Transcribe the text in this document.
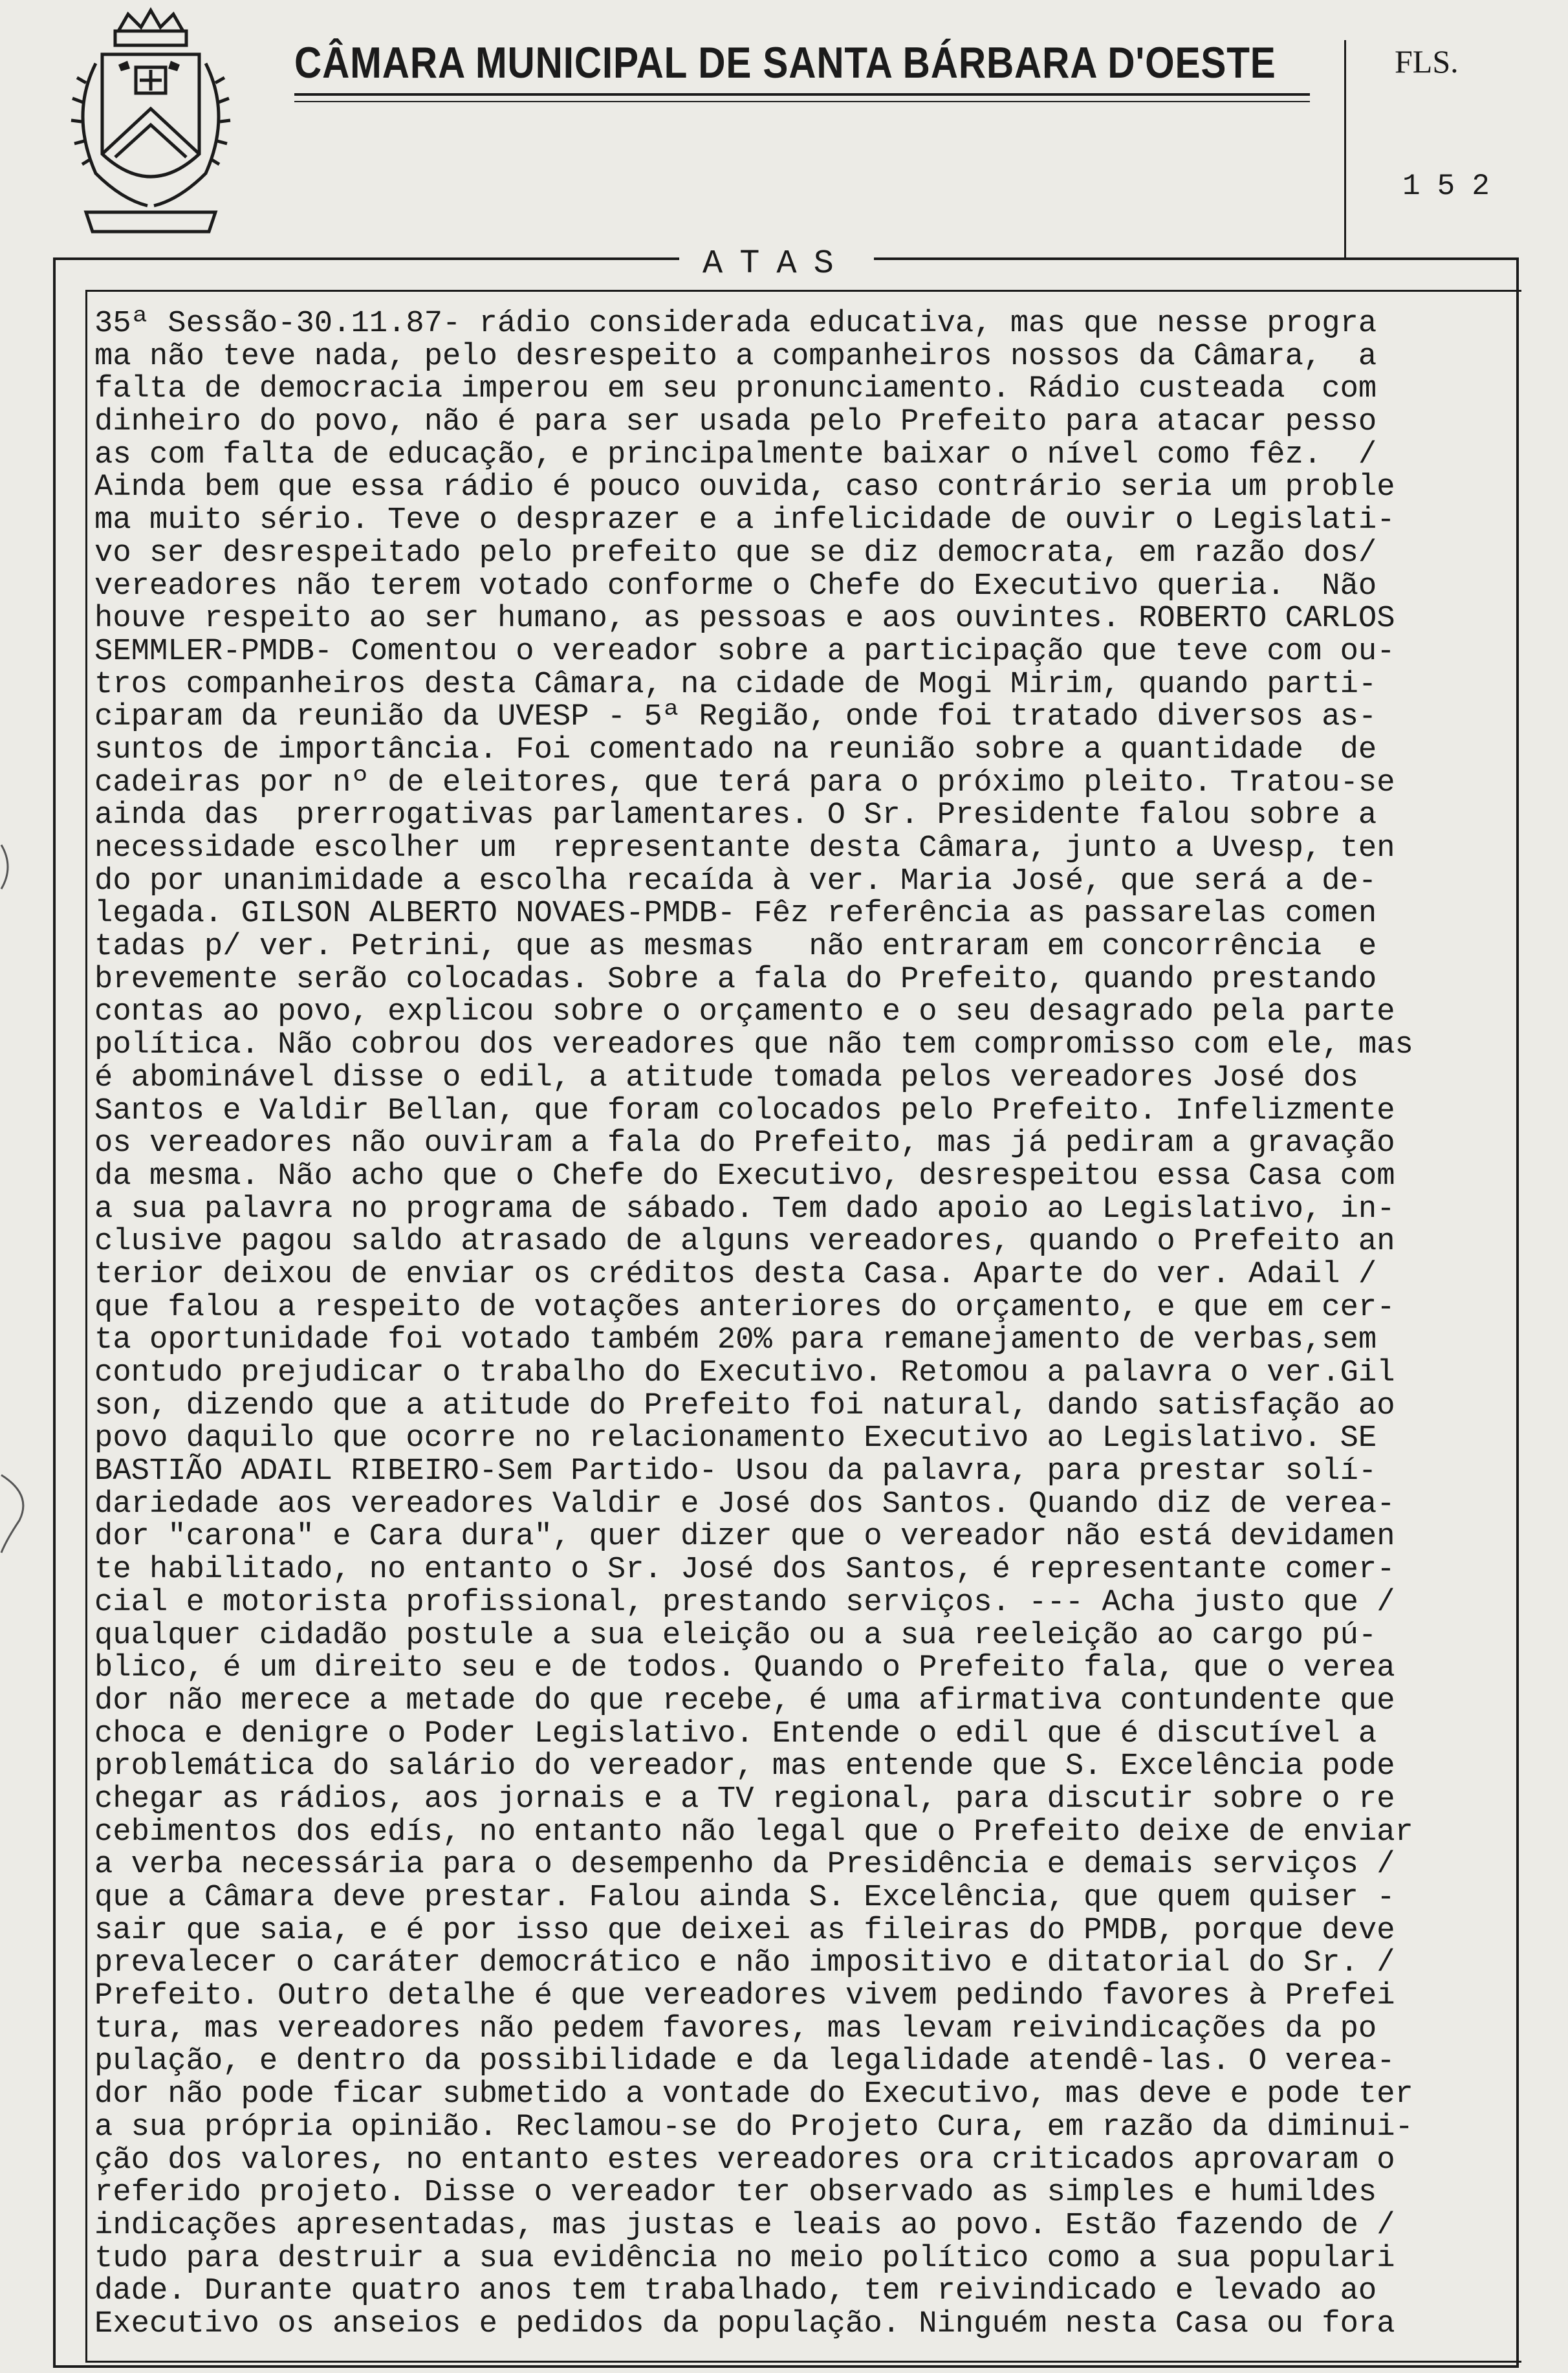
CÂMARA MUNICIPAL DE SANTA BÁRBARA D'OESTE	FLS.
152
ATAS
35ª Sessão-30.11.87- rádio considerada educativa, mas que nesse progra
ma não teve nada, pelo desrespeito a companheiros nossos da Câmara,  a
falta de democracia imperou em seu pronunciamento. Rádio custeada  com
dinheiro do povo, não é para ser usada pelo Prefeito para atacar pesso
as com falta de educação, e principalmente baixar o nível como fêz.  /
Ainda bem que essa rádio é pouco ouvida, caso contrário seria um proble
ma muito sério. Teve o desprazer e a infelicidade de ouvir o Legislati-
vo ser desrespeitado pelo prefeito que se diz democrata, em razão dos/
vereadores não terem votado conforme o Chefe do Executivo queria.  Não
houve respeito ao ser humano, as pessoas e aos ouvintes. ROBERTO CARLOS
SEMMLER-PMDB- Comentou o vereador sobre a participação que teve com ou-
tros companheiros desta Câmara, na cidade de Mogi Mirim, quando parti-
ciparam da reunião da UVESP - 5ª Região, onde foi tratado diversos as-
suntos de importância. Foi comentado na reunião sobre a quantidade  de
cadeiras por nº de eleitores, que terá para o próximo pleito. Tratou-se
ainda das  prerrogativas parlamentares. O Sr. Presidente falou sobre a
necessidade escolher um  representante desta Câmara, junto a Uvesp, ten
do por unanimidade a escolha recaída à ver. Maria José, que será a de-
legada. GILSON ALBERTO NOVAES-PMDB- Fêz referência as passarelas comen
tadas p/ ver. Petrini, que as mesmas   não entraram em concorrência  e
brevemente serão colocadas. Sobre a fala do Prefeito, quando prestando
contas ao povo, explicou sobre o orçamento e o seu desagrado pela parte
política. Não cobrou dos vereadores que não tem compromisso com ele, mas
é abominável disse o edil, a atitude tomada pelos vereadores José dos
Santos e Valdir Bellan, que foram colocados pelo Prefeito. Infelizmente
os vereadores não ouviram a fala do Prefeito, mas já pediram a gravação
da mesma. Não acho que o Chefe do Executivo, desrespeitou essa Casa com
a sua palavra no programa de sábado. Tem dado apoio ao Legislativo, in-
clusive pagou saldo atrasado de alguns vereadores, quando o Prefeito an
terior deixou de enviar os créditos desta Casa. Aparte do ver. Adail /
que falou a respeito de votações anteriores do orçamento, e que em cer-
ta oportunidade foi votado também 20% para remanejamento de verbas,sem
contudo prejudicar o trabalho do Executivo. Retomou a palavra o ver.Gil
son, dizendo que a atitude do Prefeito foi natural, dando satisfação ao
povo daquilo que ocorre no relacionamento Executivo ao Legislativo. SE
BASTIÃO ADAIL RIBEIRO-Sem Partido- Usou da palavra, para prestar solí-
dariedade aos vereadores Valdir e José dos Santos. Quando diz de verea-
dor "carona" e Cara dura", quer dizer que o vereador não está devidamen
te habilitado, no entanto o Sr. José dos Santos, é representante comer-
cial e motorista profissional, prestando serviços. --- Acha justo que /
qualquer cidadão postule a sua eleição ou a sua reeleição ao cargo pú-
blico, é um direito seu e de todos. Quando o Prefeito fala, que o verea
dor não merece a metade do que recebe, é uma afirmativa contundente que
choca e denigre o Poder Legislativo. Entende o edil que é discutível a
problemática do salário do vereador, mas entende que S. Excelência pode
chegar as rádios, aos jornais e a TV regional, para discutir sobre o re
cebimentos dos edís, no entanto não legal que o Prefeito deixe de enviar
a verba necessária para o desempenho da Presidência e demais serviços /
que a Câmara deve prestar. Falou ainda S. Excelência, que quem quiser -
sair que saia, e é por isso que deixei as fileiras do PMDB, porque deve
prevalecer o caráter democrático e não impositivo e ditatorial do Sr. /
Prefeito. Outro detalhe é que vereadores vivem pedindo favores à Prefei
tura, mas vereadores não pedem favores, mas levam reivindicações da po
pulação, e dentro da possibilidade e da legalidade atendê-las. O verea-
dor não pode ficar submetido a vontade do Executivo, mas deve e pode ter
a sua própria opinião. Reclamou-se do Projeto Cura, em razão da diminui-
ção dos valores, no entanto estes vereadores ora criticados aprovaram o
referido projeto. Disse o vereador ter observado as simples e humildes
indicações apresentadas, mas justas e leais ao povo. Estão fazendo de /
tudo para destruir a sua evidência no meio político como a sua populari
dade. Durante quatro anos tem trabalhado, tem reivindicado e levado ao
Executivo os anseios e pedidos da população. Ninguém nesta Casa ou fora
